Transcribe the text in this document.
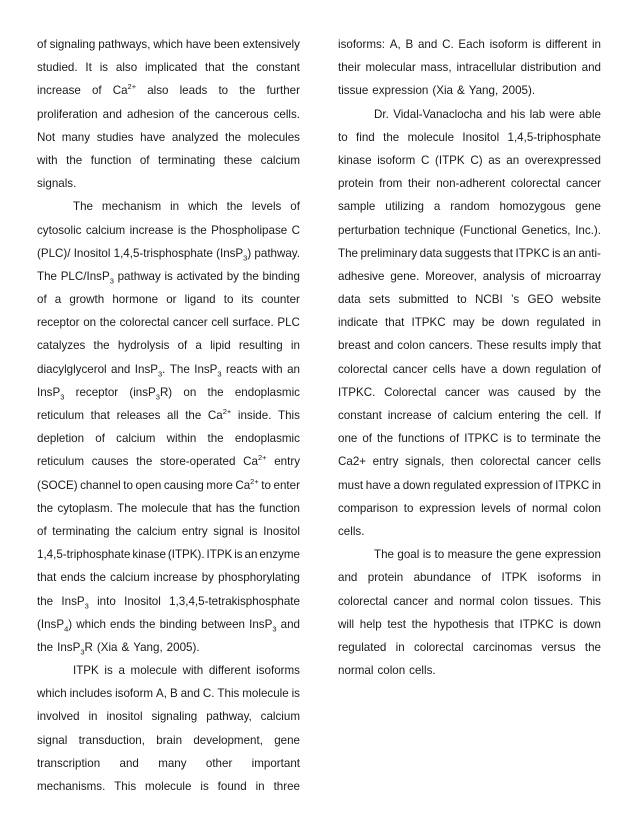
of signaling pathways, which have been extensively
studied. It is also implicated that the constant
increase of $Ca^{2+}$ also leads to the further
proliferation and adhesion of the cancerous cells.
Not many studies have analyzed the molecules
with the function of terminating these calcium
signals.
The mechanism in which the levels of
cytosolic calcium increase is the Phospholipase C
(PLC)/ Inositol 1,4,5-trisphosphate (InsP$_3$) pathway.
The PLC/InsP$_3$ pathway is activated by the binding
of a growth hormone or ligand to its counter
receptor on the colorectal cancer cell surface. PLC
catalyzes the hydrolysis of a lipid resulting in
diacylglycerol and InsP$_3$. The InsP$_3$ reacts with an
InsP$_3$ receptor (insP$_3$R) on the endoplasmic
reticulum that releases all the $Ca^{2+}$ inside. This
depletion of calcium within the endoplasmic
reticulum causes the store-operated $Ca^{2+}$ entry
(SOCE) channel to open causing more $Ca^{2+}$ to enter
the cytoplasm. The molecule that has the function
of terminating the calcium entry signal is Inositol
1,4,5-triphosphate kinase (ITPK). ITPK is an enzyme
that ends the calcium increase by phosphorylating
the InsP$_3$ into Inositol 1,3,4,5-tetrakisphosphate
(InsP$_4$) which ends the binding between InsP$_3$ and
the InsP$_3$R (Xia & Yang, 2005).
ITPK is a molecule with different isoforms
which includes isoform A, B and C. This molecule is
involved in inositol signaling pathway, calcium
signal transduction, brain development, gene
transcription and many other important
mechanisms. This molecule is found in three
isoforms: A, B and C. Each isoform is different in
their molecular mass, intracellular distribution and
tissue expression (Xia & Yang, 2005).
Dr. Vidal-Vanaclocha and his lab were able
to find the molecule Inositol 1,4,5-triphosphate
kinase isoform C (ITPK C) as an overexpressed
protein from their non-adherent colorectal cancer
sample utilizing a random homozygous gene
perturbation technique (Functional Genetics, Inc.).
The preliminary data suggests that ITPKC is an anti-
adhesive gene. Moreover, analysis of microarray
data sets submitted to NCBI ’s GEO website
indicate that ITPKC may be down regulated in
breast and colon cancers. These results imply that
colorectal cancer cells have a down regulation of
ITPKC. Colorectal cancer was caused by the
constant increase of calcium entering the cell. If
one of the functions of ITPKC is to terminate the
Ca2+ entry signals, then colorectal cancer cells
must have a down regulated expression of ITPKC in
comparison to expression levels of normal colon
cells.
The goal is to measure the gene expression
and protein abundance of ITPK isoforms in
colorectal cancer and normal colon tissues. This
will help test the hypothesis that ITPKC is down
regulated in colorectal carcinomas versus the
normal colon cells.
